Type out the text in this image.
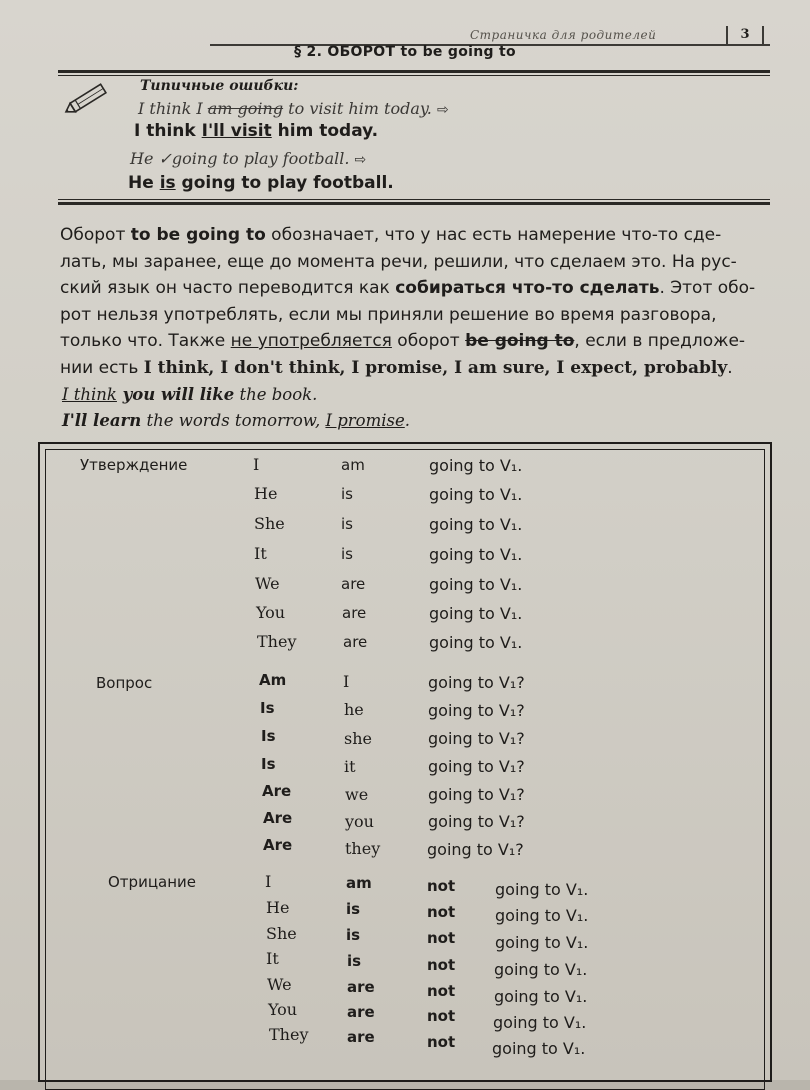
Страничка для родителей	3
§ 2. ОБОРОТ to be going to
Типичные ошибки:
I think I am going to visit him today. ⇨
I think I'll visit him today.
He ✓going to play football. ⇨
He is going to play football.
Оборот to be going to обозначает, что у нас есть намерение что-то сде-
лать, мы заранее, еще до момента речи, решили, что сделаем это. На рус-
ский язык он часто переводится как собираться что-то сделать. Этот обо-
рот нельзя употреблять, если мы приняли решение во время разговора,
только что. Также не употребляется оборот be going to, если в предложе-
нии есть I think, I don't think, I promise, I am sure, I expect, probably.
I think you will like the book.
I'll learn the words tomorrow, I promise.
Утверждение	I	am	going to V₁.
He	is	going to V₁.
She	is	going to V₁.
It	is	going to V₁.
We	are	going to V₁.
You	are	going to V₁.
They	are	going to V₁.
Вопрос	Am	I	going to V₁?
Is	he	going to V₁?
Is	she	going to V₁?
Is	it	going to V₁?
Are	we	going to V₁?
Are	you	going to V₁?
Are	they	going to V₁?
Отрицание	I	am	not going to V₁.
He	is	not going to V₁.
She	is	not going to V₁.
It	is	not going to V₁.
We	are	not going to V₁.
You	are	not going to V₁.
They	are	not going to V₁.
